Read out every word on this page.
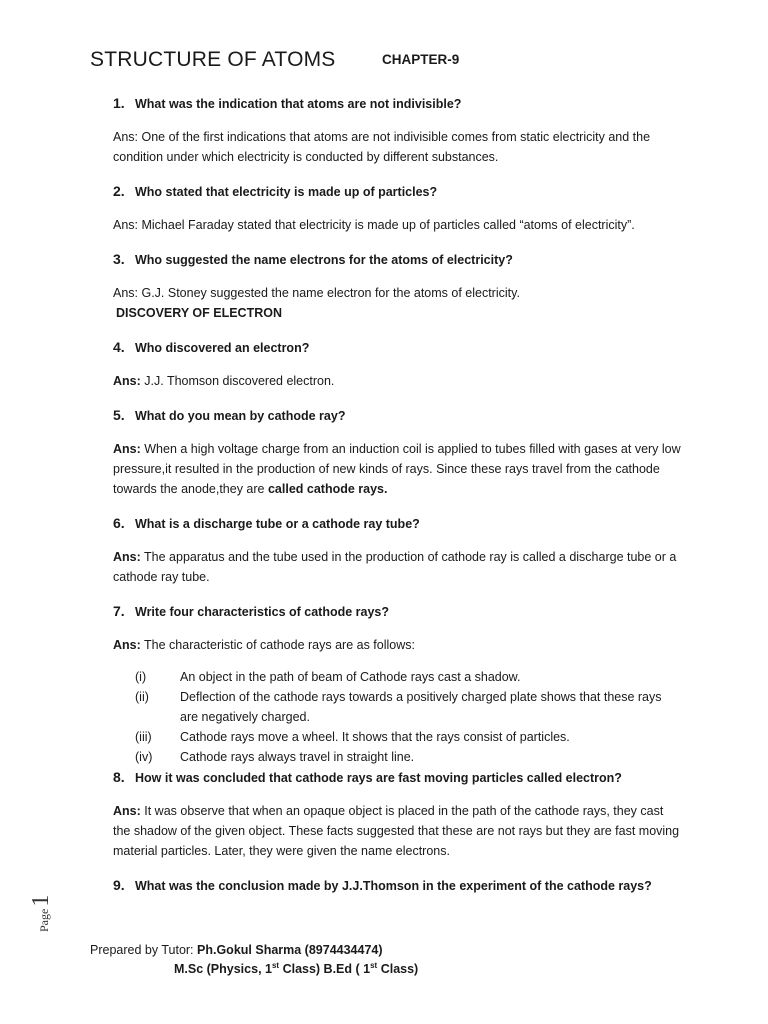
STRUCTURE OF ATOMS	CHAPTER-9

1. What was the indication that atoms are not indivisible?

Ans: One of the first indications that atoms are not indivisible comes from static electricity and the condition under which electricity is conducted by different substances.

2. Who stated that electricity is made up of particles?

Ans: Michael Faraday stated that electricity is made up of particles called “atoms of electricity”.

3. Who suggested the name electrons for the atoms of electricity?

Ans: G.J. Stoney suggested the name electron for the atoms of electricity.

DISCOVERY OF ELECTRON

4. Who discovered an electron?

Ans: J.J. Thomson discovered electron.

5. What do you mean by cathode ray?

Ans: When a high voltage charge from an induction coil is applied to tubes filled with gases at very low pressure,it resulted in the production of new kinds of rays. Since these rays travel from the cathode towards the anode,they are called cathode rays.

6. What is a discharge tube or a cathode ray tube?

Ans: The apparatus and the tube used in the production of cathode ray is called a discharge tube or a cathode ray tube.

7. Write four characteristics of cathode rays?

Ans: The characteristic of cathode rays are as follows:

(i)	An object in the path of beam of Cathode rays cast a shadow.
(ii)	Deflection of the cathode rays towards a positively charged plate shows that these rays are negatively charged.
(iii)	Cathode rays move a wheel. It shows that the rays consist of particles.
(iv)	Cathode rays always travel in straight line.

8. How it was concluded that cathode rays are fast moving particles called electron?

Ans: It was observe that when an opaque object is placed in the path of the cathode rays, they cast the shadow of the given object. These facts suggested that these are not rays but they are fast moving material particles. Later, they were given the name electrons.

9. What was the conclusion made by J.J.Thomson in the experiment of the cathode rays?

Page1
Prepared by Tutor: Ph.Gokul Sharma (8974434474)
M.Sc (Physics, 1st Class) B.Ed ( 1st Class)
